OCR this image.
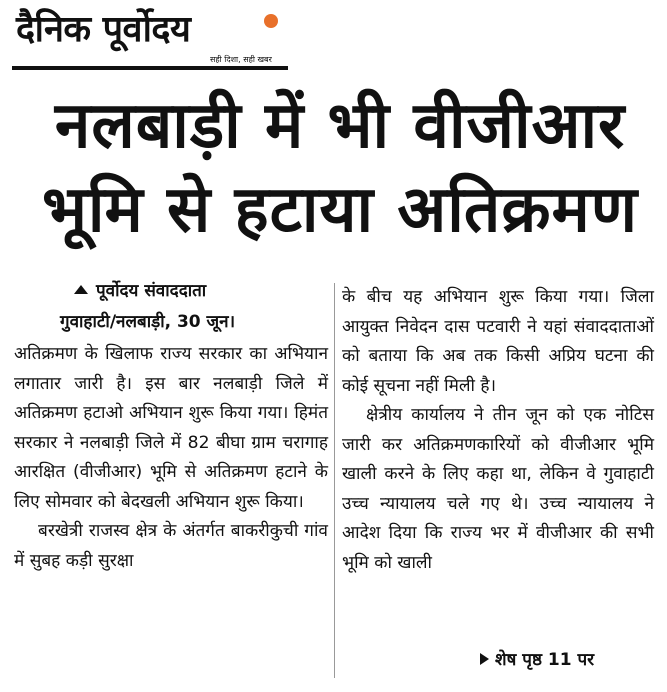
दैनिक पूर्वोदय
सही दिशा, सही खबर
नलबाड़ी में भी वीजीआर
भूमि से हटाया अतिक्रमण
पूर्वोदय संवाददाता
गुवाहाटी/नलबाड़ी, 30 जून।

अतिक्रमण के खिलाफ राज्य सरकार का अभियान लगातार जारी है। इस बार नलबाड़ी जिले में अतिक्रमण हटाओ अभियान शुरू किया गया। हिमंत सरकार ने नलबाड़ी जिले में 82 बीघा ग्राम चरागाह आरक्षित (वीजीआर) भूमि से अतिक्रमण हटाने के लिए सोमवार को बेदखली अभियान शुरू किया।

बरखेत्री राजस्व क्षेत्र के अंतर्गत बाकरीकुची गांव में सुबह कड़ी सुरक्षा

के बीच यह अभियान शुरू किया गया। जिला आयुक्त निवेदन दास पटवारी ने यहां संवाददाताओं को बताया कि अब तक किसी अप्रिय घटना की कोई सूचना नहीं मिली है।

क्षेत्रीय कार्यालय ने तीन जून को एक नोटिस जारी कर अतिक्रमणकारियों को वीजीआर भूमि खाली करने के लिए कहा था, लेकिन वे गुवाहाटी उच्च न्यायालय चले गए थे। उच्च न्यायालय ने आदेश दिया कि राज्य भर में वीजीआर की सभी भूमि को खाली

शेष पृष्ठ 11 पर
